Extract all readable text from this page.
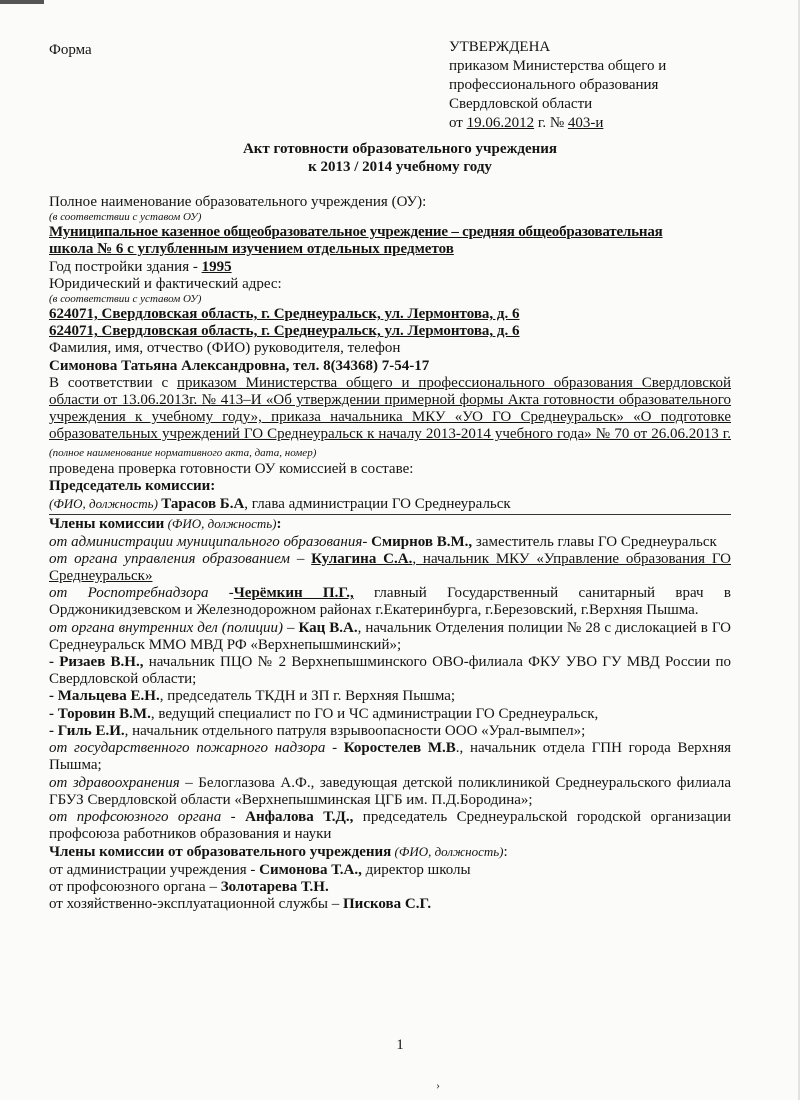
Форма	УТВЕРЖДЕНА
приказом Министерства общего и
профессионального образования
Свердловской области
от 19.06.2012 г. № 403-и
Акт готовности образовательного учреждения
к 2013 / 2014 учебному году

Полное наименование образовательного учреждения (ОУ):

(в соответствии с уставом ОУ)

Муниципальное казенное общеобразовательное учреждение – средняя общеобразовательная

школа № 6 с углубленным изучением отдельных предметов

Год постройки здания - 1995

Юридический и фактический адрес:

(в соответствии с уставом ОУ)

624071, Свердловская область, г. Среднеуральск, ул. Лермонтова, д. 6

624071, Свердловская область, г. Среднеуральск, ул. Лермонтова, д. 6

Фамилия, имя, отчество (ФИО) руководителя, телефон

Симонова Татьяна Александровна, тел. 8(34368) 7-54-17

В соответствии с приказом Министерства общего и профессионального образования Свердловской области от 13.06.2013г. № 413–И «Об утверждении примерной формы Акта готовности образовательного учреждения к учебному году», приказа начальника МКУ «УО ГО Среднеуральск» «О подготовке образовательных учреждений ГО Среднеуральск к началу 2013-2014 учебного года» № 70 от 26.06.2013 г. (полное наименование нормативного акта, дата, номер)

проведена проверка готовности ОУ комиссией в составе:

Председатель комиссии:

(ФИО, должность) Тарасов Б.А, глава администрации ГО Среднеуральск

Члены комиссии (ФИО, должность):

от администрации муниципального образования- Смирнов В.М., заместитель главы ГО Среднеуральск

от органа управления образованием – Кулагина С.А., начальник МКУ «Управление образования ГО Среднеуральск»

от Роспотребнадзора -Черёмкин П.Г., главный Государственный санитарный врач в Орджоникидзевском и Железнодорожном районах г.Екатеринбурга, г.Березовский, г.Верхняя Пышма.

от органа внутренних дел (полиции) – Кац В.А., начальник Отделения полиции № 28 с дислокацией в ГО Среднеуральск ММО МВД РФ «Верхнепышминский»;

- Ризаев В.Н., начальник ПЦО № 2 Верхнепышминского ОВО-филиала ФКУ УВО ГУ МВД России по Свердловской области;

- Мальцева Е.Н., председатель ТКДН и ЗП г. Верхняя Пышма;

- Торовин В.М., ведущий специалист по ГО и ЧС администрации ГО Среднеуральск,

- Гиль Е.И., начальник отдельного патруля взрывоопасности ООО «Урал-вымпел»;

от государственного пожарного надзора - Коростелев М.В., начальник отдела ГПН города Верхняя Пышма;

от здравоохранения – Белоглазова А.Ф., заведующая детской поликлиникой Среднеуральского филиала ГБУЗ Свердловской области «Верхнепышминская ЦГБ им. П.Д.Бородина»;

от профсоюзного органа - Анфалова Т.Д., председатель Среднеуральской городской организации профсоюза работников образования и науки

Члены комиссии от образовательного учреждения (ФИО, должность):

от администрации учреждения - Симонова Т.А., директор школы

от профсоюзного органа – Золотарева Т.Н.

от хозяйственно-эксплуатационной службы – Пискова С.Г.

1
›
